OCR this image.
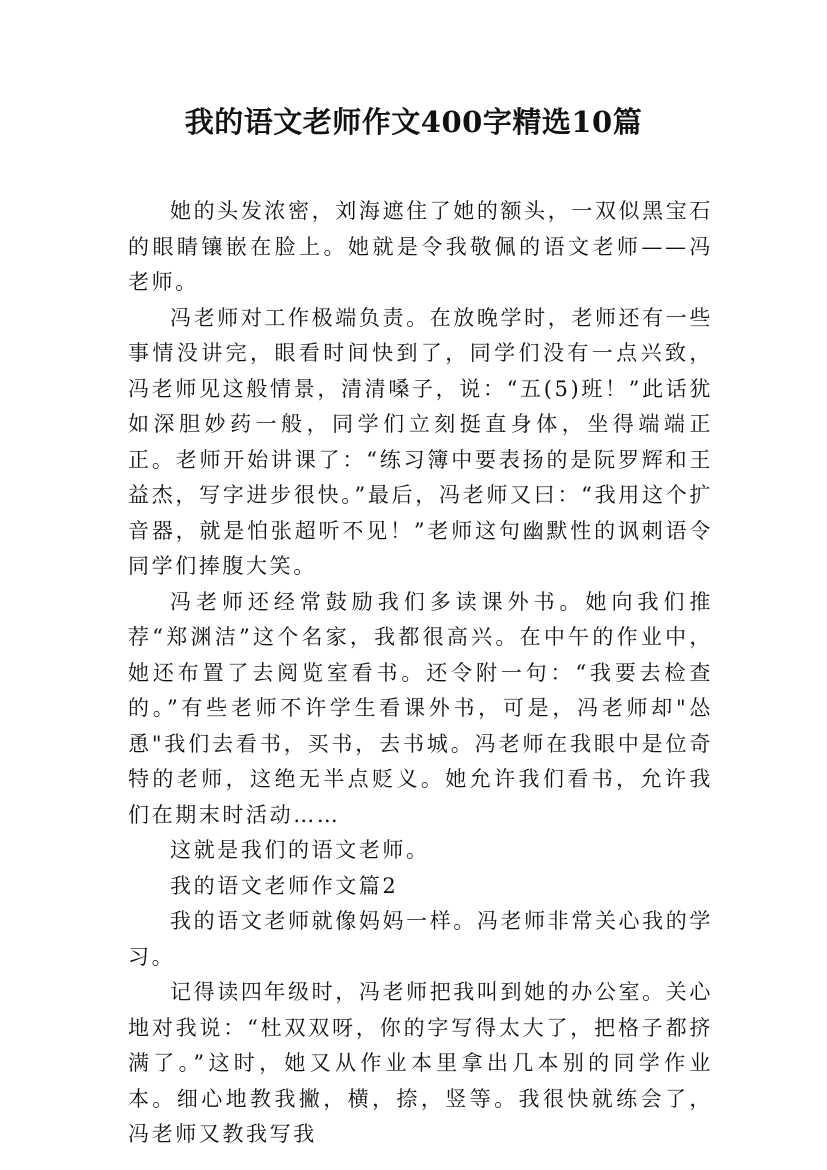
我的语文老师作文400字精选10篇

她的头发浓密，刘海遮住了她的额头，一双似黑宝石的眼睛镶嵌在脸上。她就是令我敬佩的语文老师——冯老师。

冯老师对工作极端负责。在放晚学时，老师还有一些事情没讲完，眼看时间快到了，同学们没有一点兴致，冯老师见这般情景，清清嗓子，说：“五(5)班！”此话犹如深胆妙药一般，同学们立刻挺直身体，坐得端端正正。老师开始讲课了：“练习簿中要表扬的是阮罗辉和王益杰，写字进步很快。”最后，冯老师又曰：“我用这个扩音器，就是怕张超听不见！”老师这句幽默性的讽刺语令同学们捧腹大笑。

冯老师还经常鼓励我们多读课外书。她向我们推荐“郑渊洁”这个名家，我都很高兴。在中午的作业中，她还布置了去阅览室看书。还令附一句：“我要去检查的。”有些老师不许学生看课外书，可是，冯老师却"怂恿"我们去看书，买书，去书城。冯老师在我眼中是位奇特的老师，这绝无半点贬义。她允许我们看书，允许我们在期末时活动……

这就是我们的语文老师。

我的语文老师作文篇2

我的语文老师就像妈妈一样。冯老师非常关心我的学习。

记得读四年级时，冯老师把我叫到她的办公室。关心地对我说：“杜双双呀，你的字写得太大了，把格子都挤满了。”这时，她又从作业本里拿出几本别的同学作业本。细心地教我撇，横，捺，竖等。我很快就练会了，冯老师又教我写我
